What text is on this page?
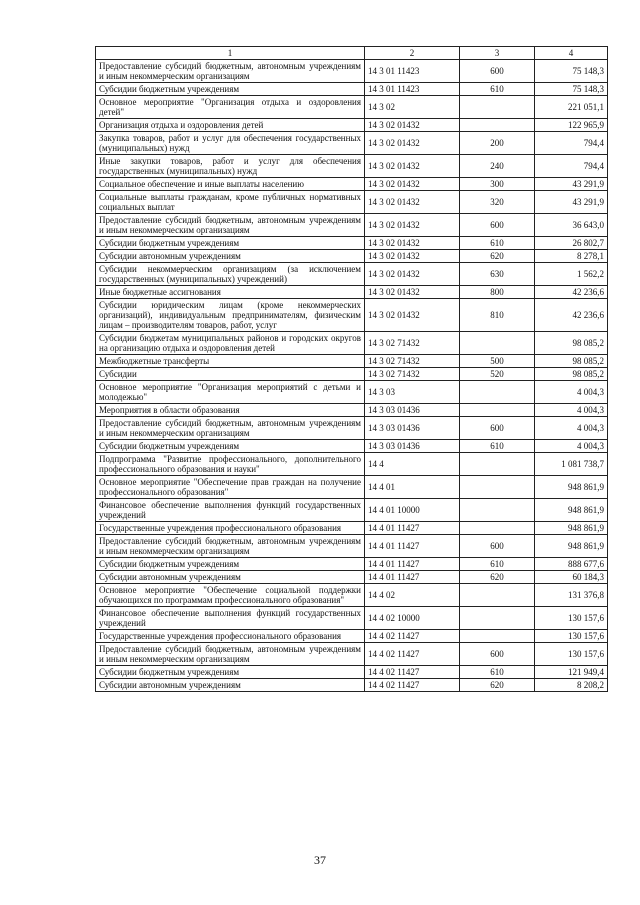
1	2	3	4
Предоставление субсидий бюджетным, автономным учреждениям и иным некоммерческим организациям	14 3 01 11423	600	75 148,3
Субсидии бюджетным учреждениям	14 3 01 11423	610	75 148,3
Основное мероприятие "Организация отдыха и оздоровления детей"	14 3 02		221 051,1
Организация отдыха и оздоровления детей	14 3 02 01432		122 965,9
Закупка товаров, работ и услуг для обеспечения государственных (муниципальных) нужд	14 3 02 01432	200	794,4
Иные закупки товаров, работ и услуг для обеспечения государственных (муниципальных) нужд	14 3 02 01432	240	794,4
Социальное обеспечение и иные выплаты населению	14 3 02 01432	300	43 291,9
Социальные выплаты гражданам, кроме публичных нормативных социальных выплат	14 3 02 01432	320	43 291,9
Предоставление субсидий бюджетным, автономным учреждениям и иным некоммерческим организациям	14 3 02 01432	600	36 643,0
Субсидии бюджетным учреждениям	14 3 02 01432	610	26 802,7
Субсидии автономным учреждениям	14 3 02 01432	620	8 278,1
Субсидии некоммерческим организациям (за исключением государственных (муниципальных) учреждений)	14 3 02 01432	630	1 562,2
Иные бюджетные ассигнования	14 3 02 01432	800	42 236,6
Субсидии юридическим лицам (кроме некоммерческих организаций), индивидуальным предпринимателям, физическим лицам – производителям товаров, работ, услуг	14 3 02 01432	810	42 236,6
Субсидии бюджетам муниципальных районов и городских округов на организацию отдыха и оздоровления детей	14 3 02 71432		98 085,2
Межбюджетные трансферты	14 3 02 71432	500	98 085,2
Субсидии	14 3 02 71432	520	98 085,2
Основное мероприятие "Организация мероприятий с детьми и молодежью"	14 3 03		4 004,3
Мероприятия в области образования	14 3 03 01436		4 004,3
Предоставление субсидий бюджетным, автономным учреждениям и иным некоммерческим организациям	14 3 03 01436	600	4 004,3
Субсидии бюджетным учреждениям	14 3 03 01436	610	4 004,3
Подпрограмма "Развитие профессионального, дополнительного профессионального образования и науки"	14 4		1 081 738,7
Основное мероприятие "Обеспечение прав граждан на получение профессионального образования"	14 4 01		948 861,9
Финансовое обеспечение выполнения функций государственных учреждений	14 4 01 10000		948 861,9
Государственные учреждения профессионального образования	14 4 01 11427		948 861,9
Предоставление субсидий бюджетным, автономным учреждениям и иным некоммерческим организациям	14 4 01 11427	600	948 861,9
Субсидии бюджетным учреждениям	14 4 01 11427	610	888 677,6
Субсидии автономным учреждениям	14 4 01 11427	620	60 184,3
Основное мероприятие "Обеспечение социальной поддержки обучающихся по программам профессионального образования"	14 4 02		131 376,8
Финансовое обеспечение выполнения функций государственных учреждений	14 4 02 10000		130 157,6
Государственные учреждения профессионального образования	14 4 02 11427		130 157,6
Предоставление субсидий бюджетным, автономным учреждениям и иным некоммерческим организациям	14 4 02 11427	600	130 157,6
Субсидии бюджетным учреждениям	14 4 02 11427	610	121 949,4
Субсидии автономным учреждениям	14 4 02 11427	620	8 208,2
37
